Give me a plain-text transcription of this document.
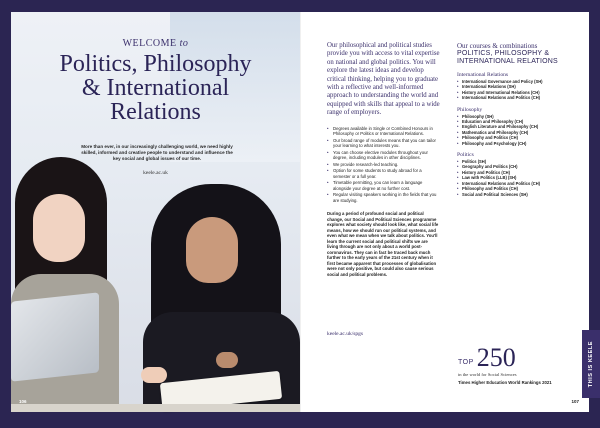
WELCOME to
Politics, Philosophy
& International
Relations
More than ever, in our increasingly challenging world, we need highly skilled, informed and creative people to understand and influence the key social and global issues of our time.
keele.ac.uk
106

Our philosophical and political studies provide you with access to vital expertise on national and global politics. You will explore the latest ideas and develop critical thinking, helping you to graduate with a reflective and well-informed approach to understanding the world and equipped with skills that appeal to a wide range of employers.

• Degrees available in Single or Combined Honours in Philosophy or Politics or International Relations.
• Our broad range of modules means that you can tailor your learning to what interests you.
• You can choose elective modules throughout your degree, including modules in other disciplines.
• We provide research-led teaching.
• Option for some students to study abroad for a semester or a full year.
• Timetable permitting, you can learn a language alongside your degree at no further cost.
• Regular visiting speakers working in the fields that you are studying.

During a period of profound social and political change, our Social and Political Sciences programme explores what society should look like, what social life means, how we should run our political systems, and even what we mean when we talk about politics. You'll learn the current social and political shifts we are living through are not only about a world post-coronavirus. They can in fact be traced back much further to the early years of the 21st century when it first became apparent that processes of globalisation were not only positive, but could also cause serious social and political problems.

keele.ac.uk/spgs
Our courses & combinations
POLITICS, PHILOSOPHY & INTERNATIONAL RELATIONS
International Relations
• International Governance and Policy (SH)
• International Relations (SH)
• History and International Relations (CH)
• International Relations and Politics (CH)
Philosophy
• Philosophy (SH)
• Education and Philosophy (CH)
• English Literature and Philosophy (CH)
• Mathematics and Philosophy (CH)
• Philosophy and Politics (CH)
• Philosophy and Psychology (CH)
Politics
• Politics (SH)
• Geography and Politics (CH)
• History and Politics (CH)
• Law with Politics (LLB) (SH)
• International Relations and Politics (CH)
• Philosophy and Politics (CH)
• Social and Political Sciences (SH)
TOP 250
in the world for Social Sciences
Times Higher Education World Rankings 2021	THIS IS KEELE
107
